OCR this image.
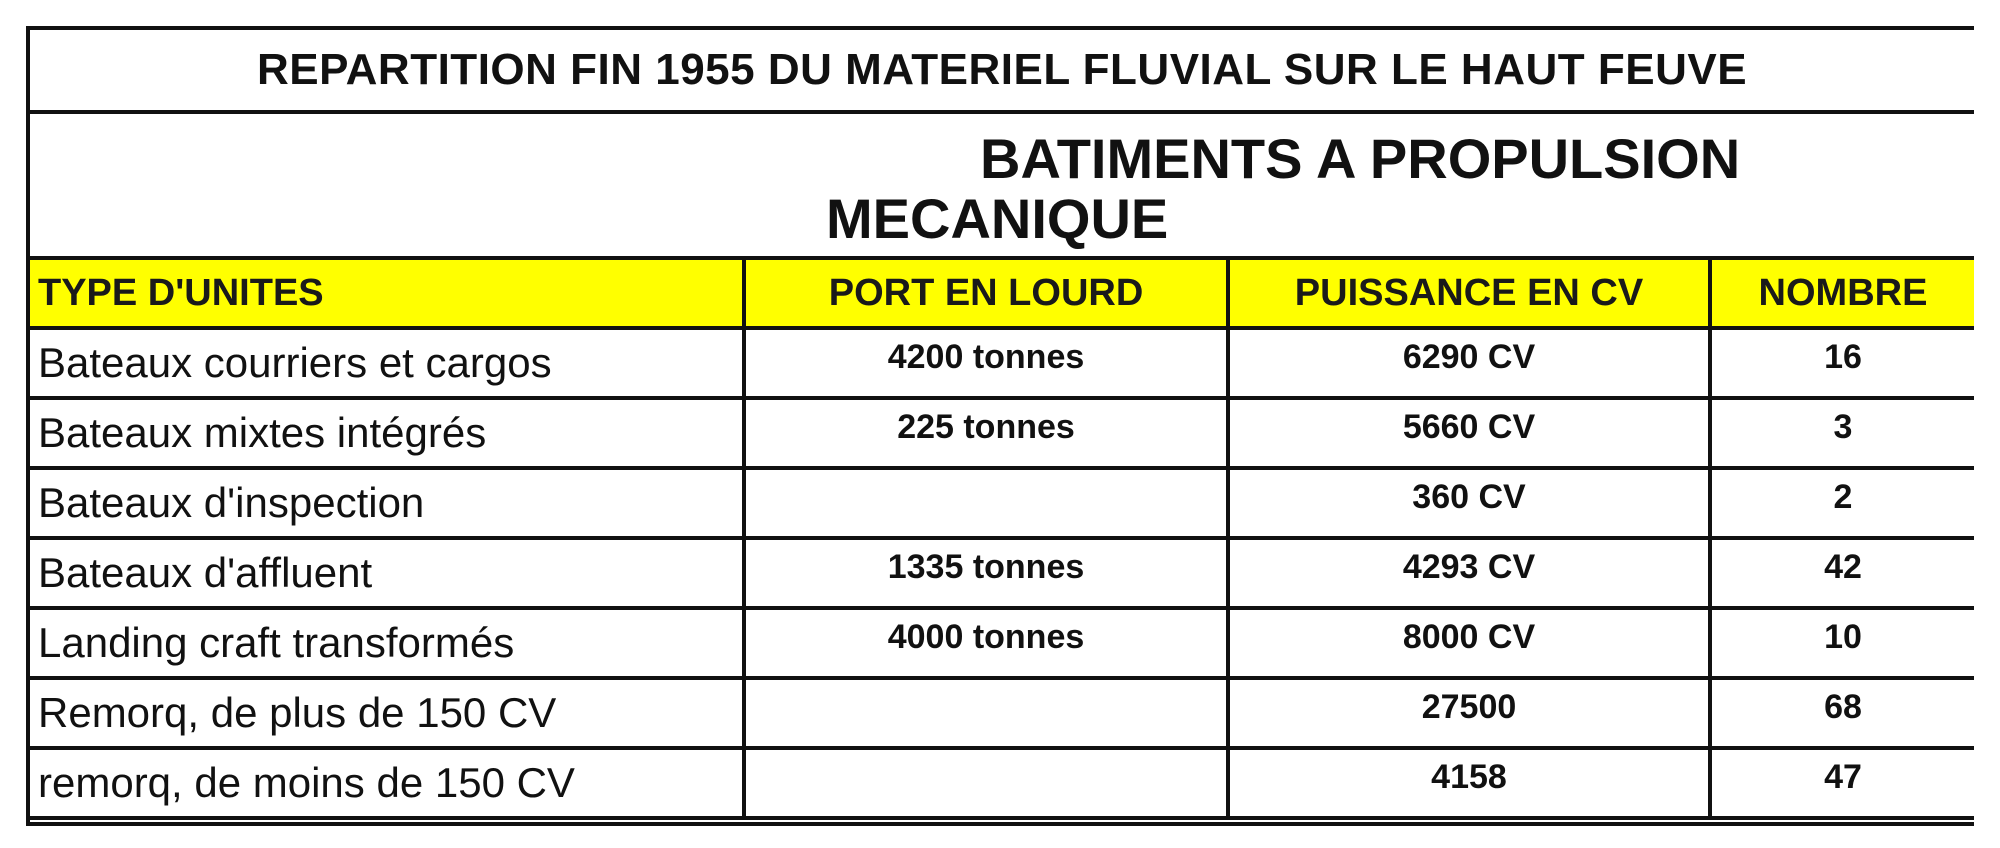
REPARTITION FIN 1955 DU MATERIEL FLUVIAL SUR LE HAUT FEUVE
BATIMENTS A PROPULSION
MECANIQUE
TYPE D'UNITES	PORT EN LOURD	PUISSANCE EN CV	NOMBRE
Bateaux courriers et cargos	4200 tonnes	6290 CV	16
Bateaux mixtes intégrés	225 tonnes	5660 CV	3
Bateaux d'inspection		360 CV	2
Bateaux d'affluent	1335 tonnes	4293 CV	42
Landing craft transformés	4000 tonnes	8000 CV	10
Remorq, de plus de 150 CV		27500	68
remorq, de moins de 150 CV		4158	47
